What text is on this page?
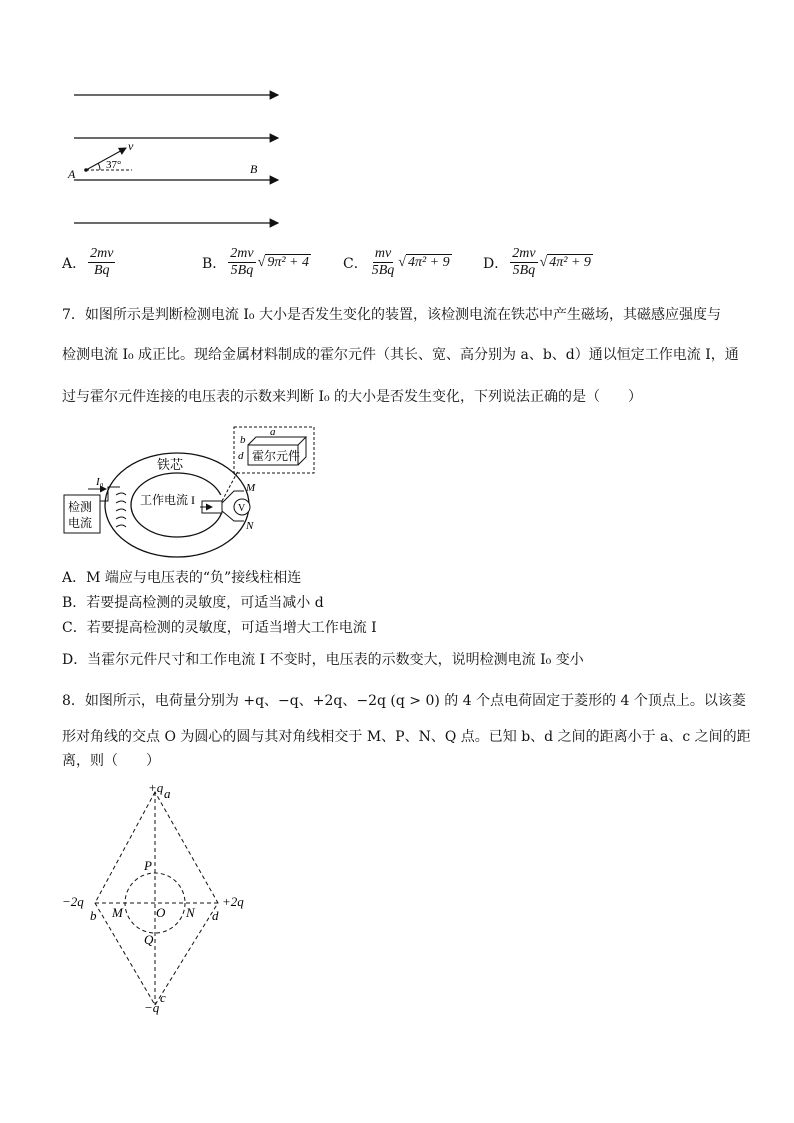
v
37°
A	B
A． $\frac{2mv}{Bq}$	B． $\frac{2mv}{5Bq}$ √ 9π² + 4 C． $\frac{mv}{5Bq}$ √ 4π² + 9 D． $\frac{2mv}{5Bq}$ √ 4π² + 9
7．如图所示是判断检测电流 I₀ 大小是否发生变化的装置，该检测电流在铁芯中产生磁场，其磁感应强度与
检测电流 I₀ 成正比。现给金属材料制成的霍尔元件（其长、宽、高分别为 a、b、d）通以恒定工作电流 I，通
过与霍尔元件连接的电压表的示数来判断 I₀ 的大小是否发生变化，下列说法正确的是（　　）
检测
电流
I₀
铁芯
工作电流 I
V
M
N
霍尔元件
a
b
d
A．M 端应与电压表的“负”接线柱相连
B．若要提高检测的灵敏度，可适当减小 d
C．若要提高检测的灵敏度，可适当增大工作电流 I
D．当霍尔元件尺寸和工作电流 I 不变时，电压表的示数变大，说明检测电流 I₀ 变小
8．如图所示，电荷量分别为 +q、−q、+2q、−2q (q > 0) 的 4 个点电荷固定于菱形的 4 个顶点上。以该菱
形对角线的交点 O 为圆心的圆与其对角线相交于 M、P、N、Q 点。已知 b、d 之间的距离小于 a、c 之间的距
离，则（　　）
+q a
−2q
b
+2q
d
−q
c
P
Q
M	O N
